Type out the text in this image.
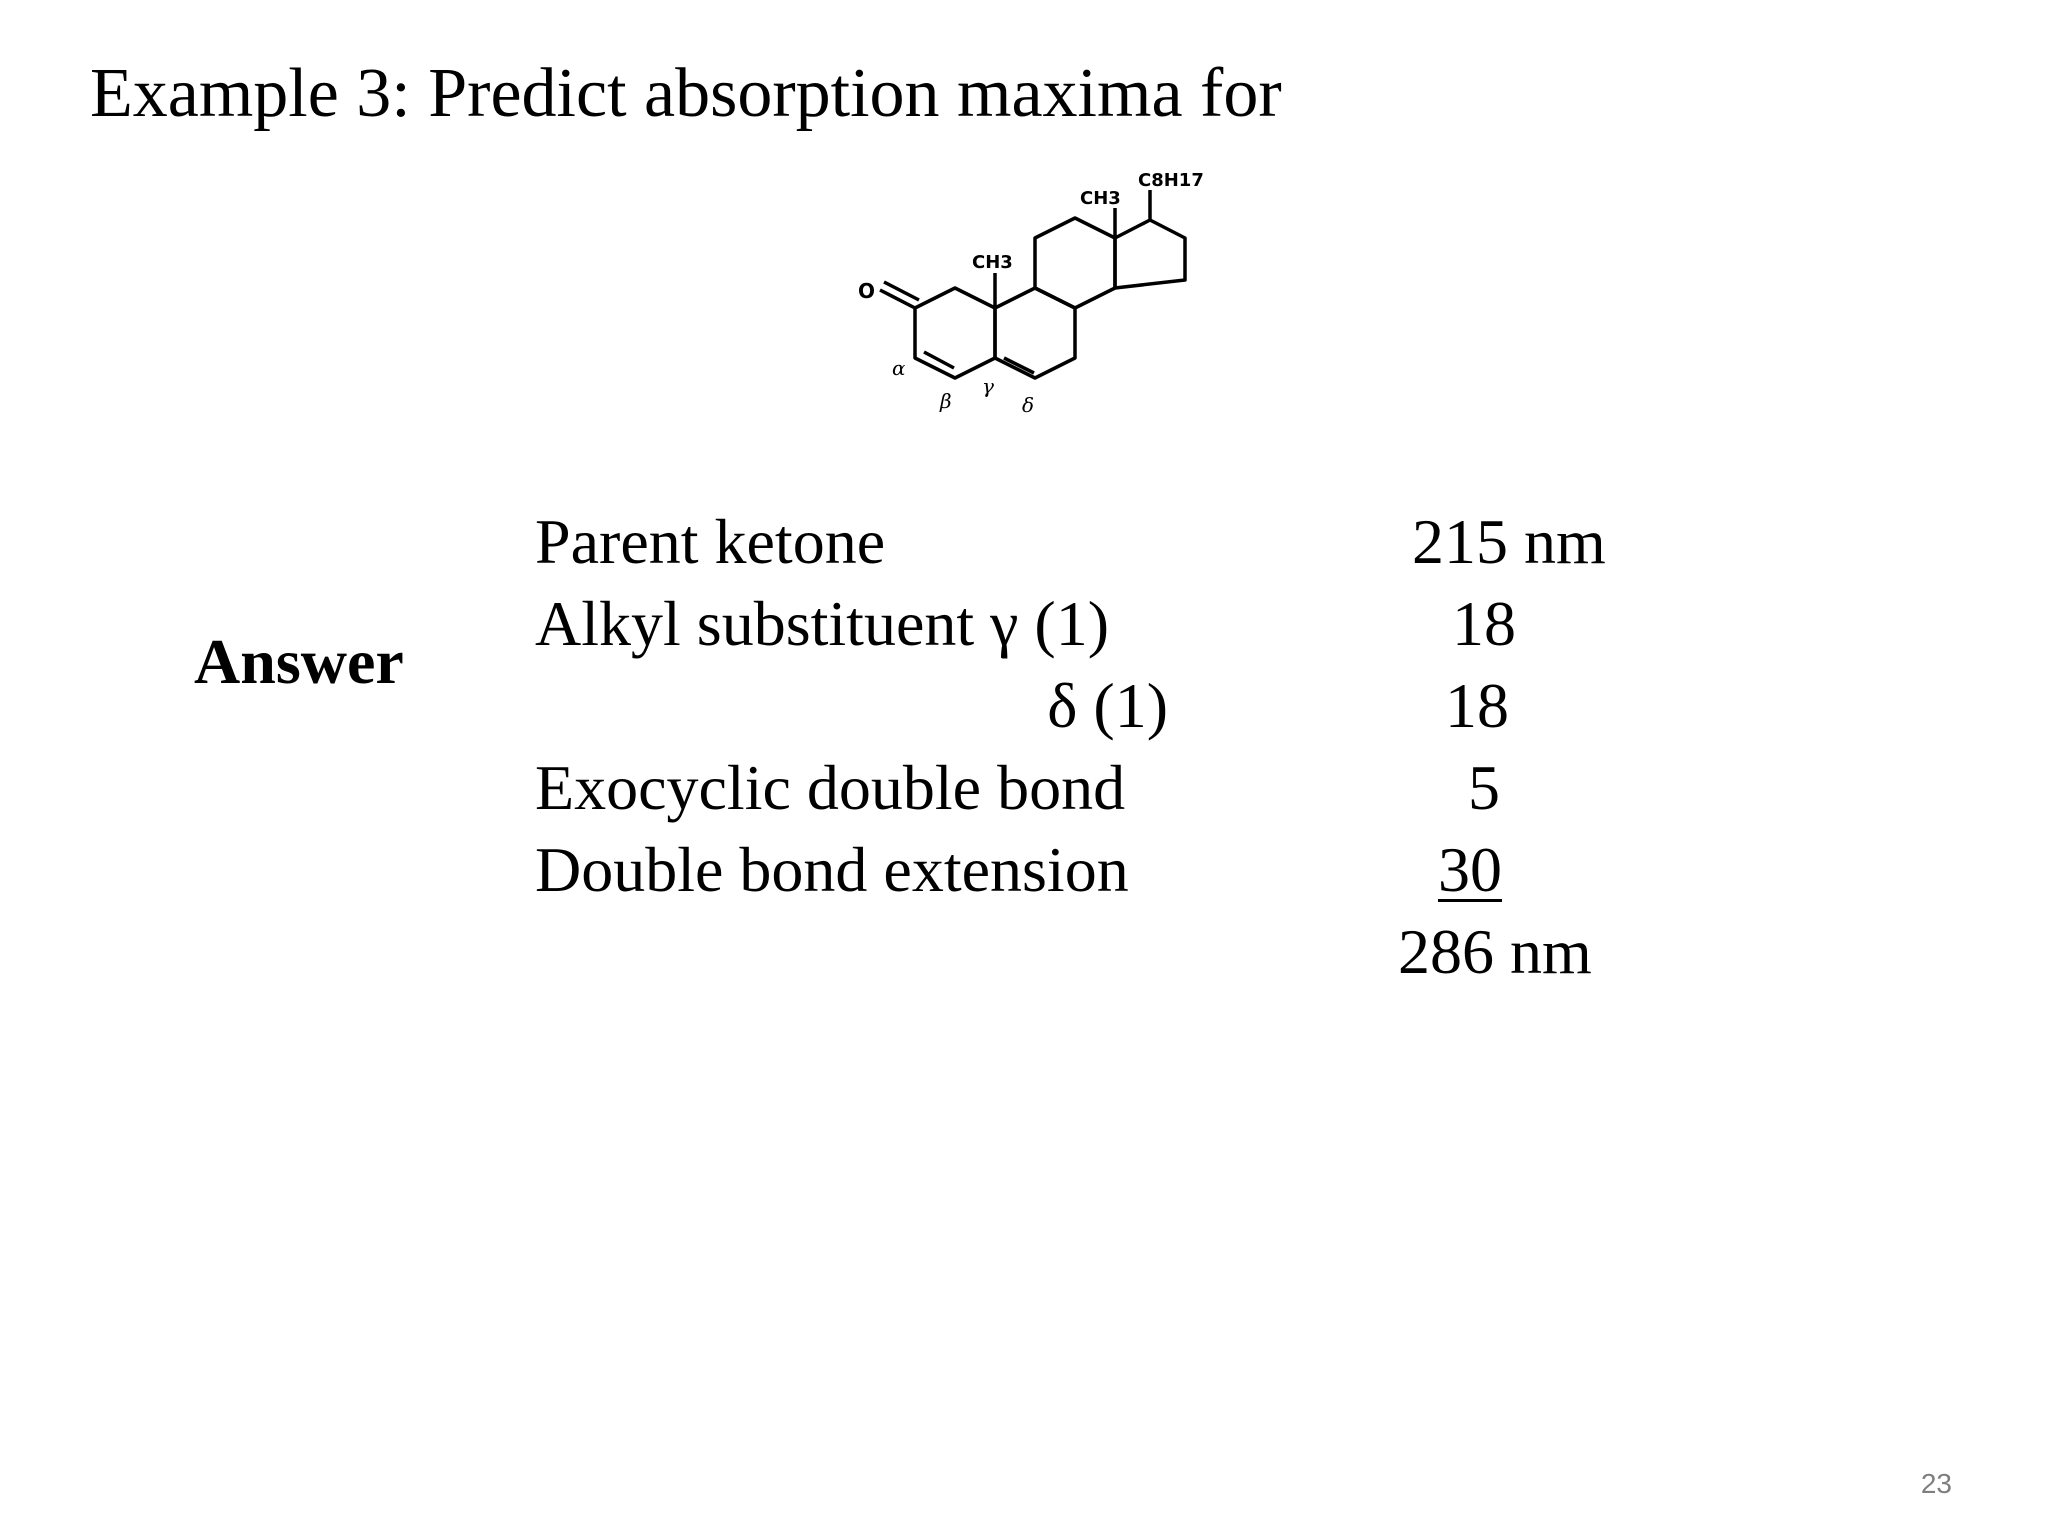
Example 3: Predict absorption maxima for
O
CH3
CH3
C8H17
α
β
γ
δ
Answer
Parent ketone	215 nm
Alkyl substituent γ (1)	18
δ (1)	18
Exocyclic double bond	5
Double bond extension	30
286 nm
23
